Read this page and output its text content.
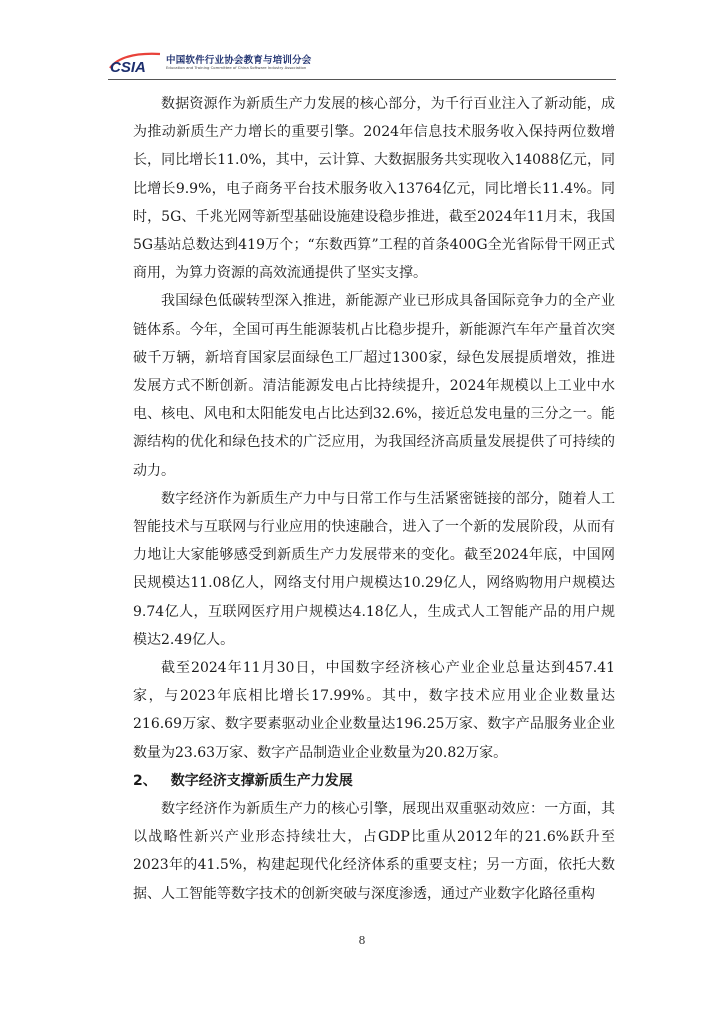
CSIA 中国软件行业协会教育与培训分会
Education and Training Committee of China Software Industry Association

数据资源作为新质生产力发展的核心部分，为千行百业注入了新动能，成为推动新质生产力增长的重要引擎。2024年信息技术服务收入保持两位数增长，同比增长11.0%，其中，云计算、大数据服务共实现收入14088亿元，同比增长9.9%，电子商务平台技术服务收入13764亿元，同比增长11.4%。同时，5G、千兆光网等新型基础设施建设稳步推进，截至2024年11月末，我国5G基站总数达到419万个；“东数西算”工程的首条400G全光省际骨干网正式商用，为算力资源的高效流通提供了坚实支撑。

我国绿色低碳转型深入推进，新能源产业已形成具备国际竞争力的全产业链体系。今年，全国可再生能源装机占比稳步提升，新能源汽车年产量首次突破千万辆，新培育国家层面绿色工厂超过1300家，绿色发展提质增效，推进发展方式不断创新。清洁能源发电占比持续提升，2024年规模以上工业中水电、核电、风电和太阳能发电占比达到32.6%，接近总发电量的三分之一。能源结构的优化和绿色技术的广泛应用，为我国经济高质量发展提供了可持续的动力。

数字经济作为新质生产力中与日常工作与生活紧密链接的部分，随着人工智能技术与互联网与行业应用的快速融合，进入了一个新的发展阶段，从而有力地让大家能够感受到新质生产力发展带来的变化。截至2024年底，中国网民规模达11.08亿人，网络支付用户规模达10.29亿人，网络购物用户规模达9.74亿人，互联网医疗用户规模达4.18亿人，生成式人工智能产品的用户规模达2.49亿人。

截至2024年11月30日，中国数字经济核心产业企业总量达到457.41家，与2023年底相比增长17.99%。其中，数字技术应用业企业数量达216.69万家、数字要素驱动业企业数量达196.25万家、数字产品服务业企业数量为23.63万家、数字产品制造业企业数量为20.82万家。

2、 数字经济支撑新质生产力发展

数字经济作为新质生产力的核心引擎，展现出双重驱动效应：一方面，其以战略性新兴产业形态持续壮大，占GDP比重从2012年的21.6%跃升至2023年的41.5%，构建起现代化经济体系的重要支柱；另一方面，依托大数据、人工智能等数字技术的创新突破与深度渗透，通过产业数字化路径重构

8
